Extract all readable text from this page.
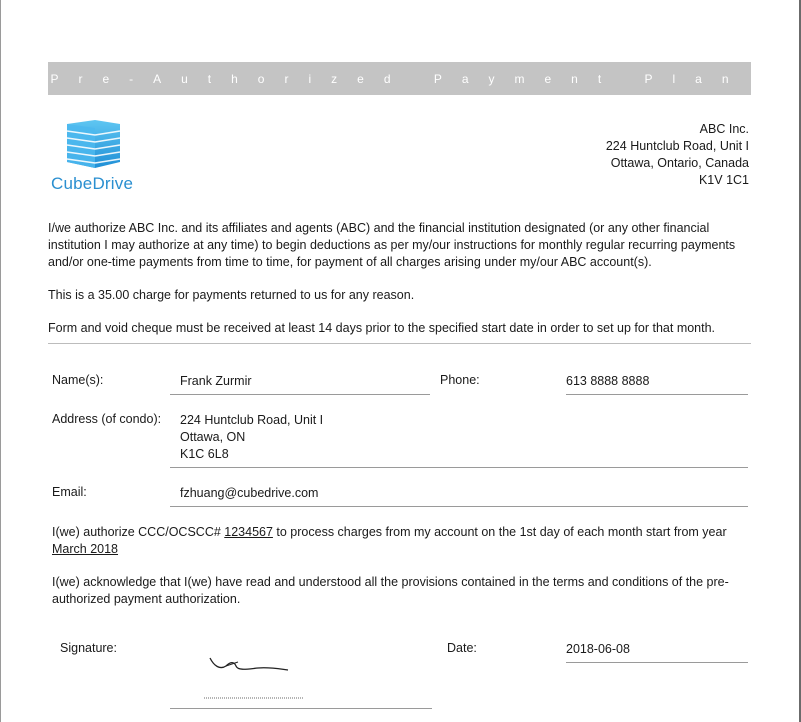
Pre-Authorized Payment Plan
CubeDrive
ABC Inc.
224 Huntclub Road, Unit I
Ottawa, Ontario, Canada
K1V 1C1
I/we authorize ABC Inc. and its affiliates and agents (ABC) and the financial institution designated (or any other financial institution I may authorize at any time) to begin deductions as per my/our instructions for monthly regular recurring payments and/or one-time payments from time to time, for payment of all charges arising under my/our ABC account(s).
This is a 35.00 charge for payments returned to us for any reason.
Form and void cheque must be received at least 14 days prior to the specified start date in order to set up for that month.
Name(s):	Frank Zurmir	Phone:	613 8888 8888
Address (of condo): 224 Huntclub Road, Unit I
Ottawa, ON
K1C 6L8
Email:	fzhuang@cubedrive.com
I(we) authorize CCC/OCSCC# 1234567 to process charges from my account on the 1st day of each month start from year
March 2018
I(we) acknowledge that I(we) have read and understood all the provisions contained in the terms and conditions of the pre-authorized payment authorization.
Signature:	Date:	2018-06-08
